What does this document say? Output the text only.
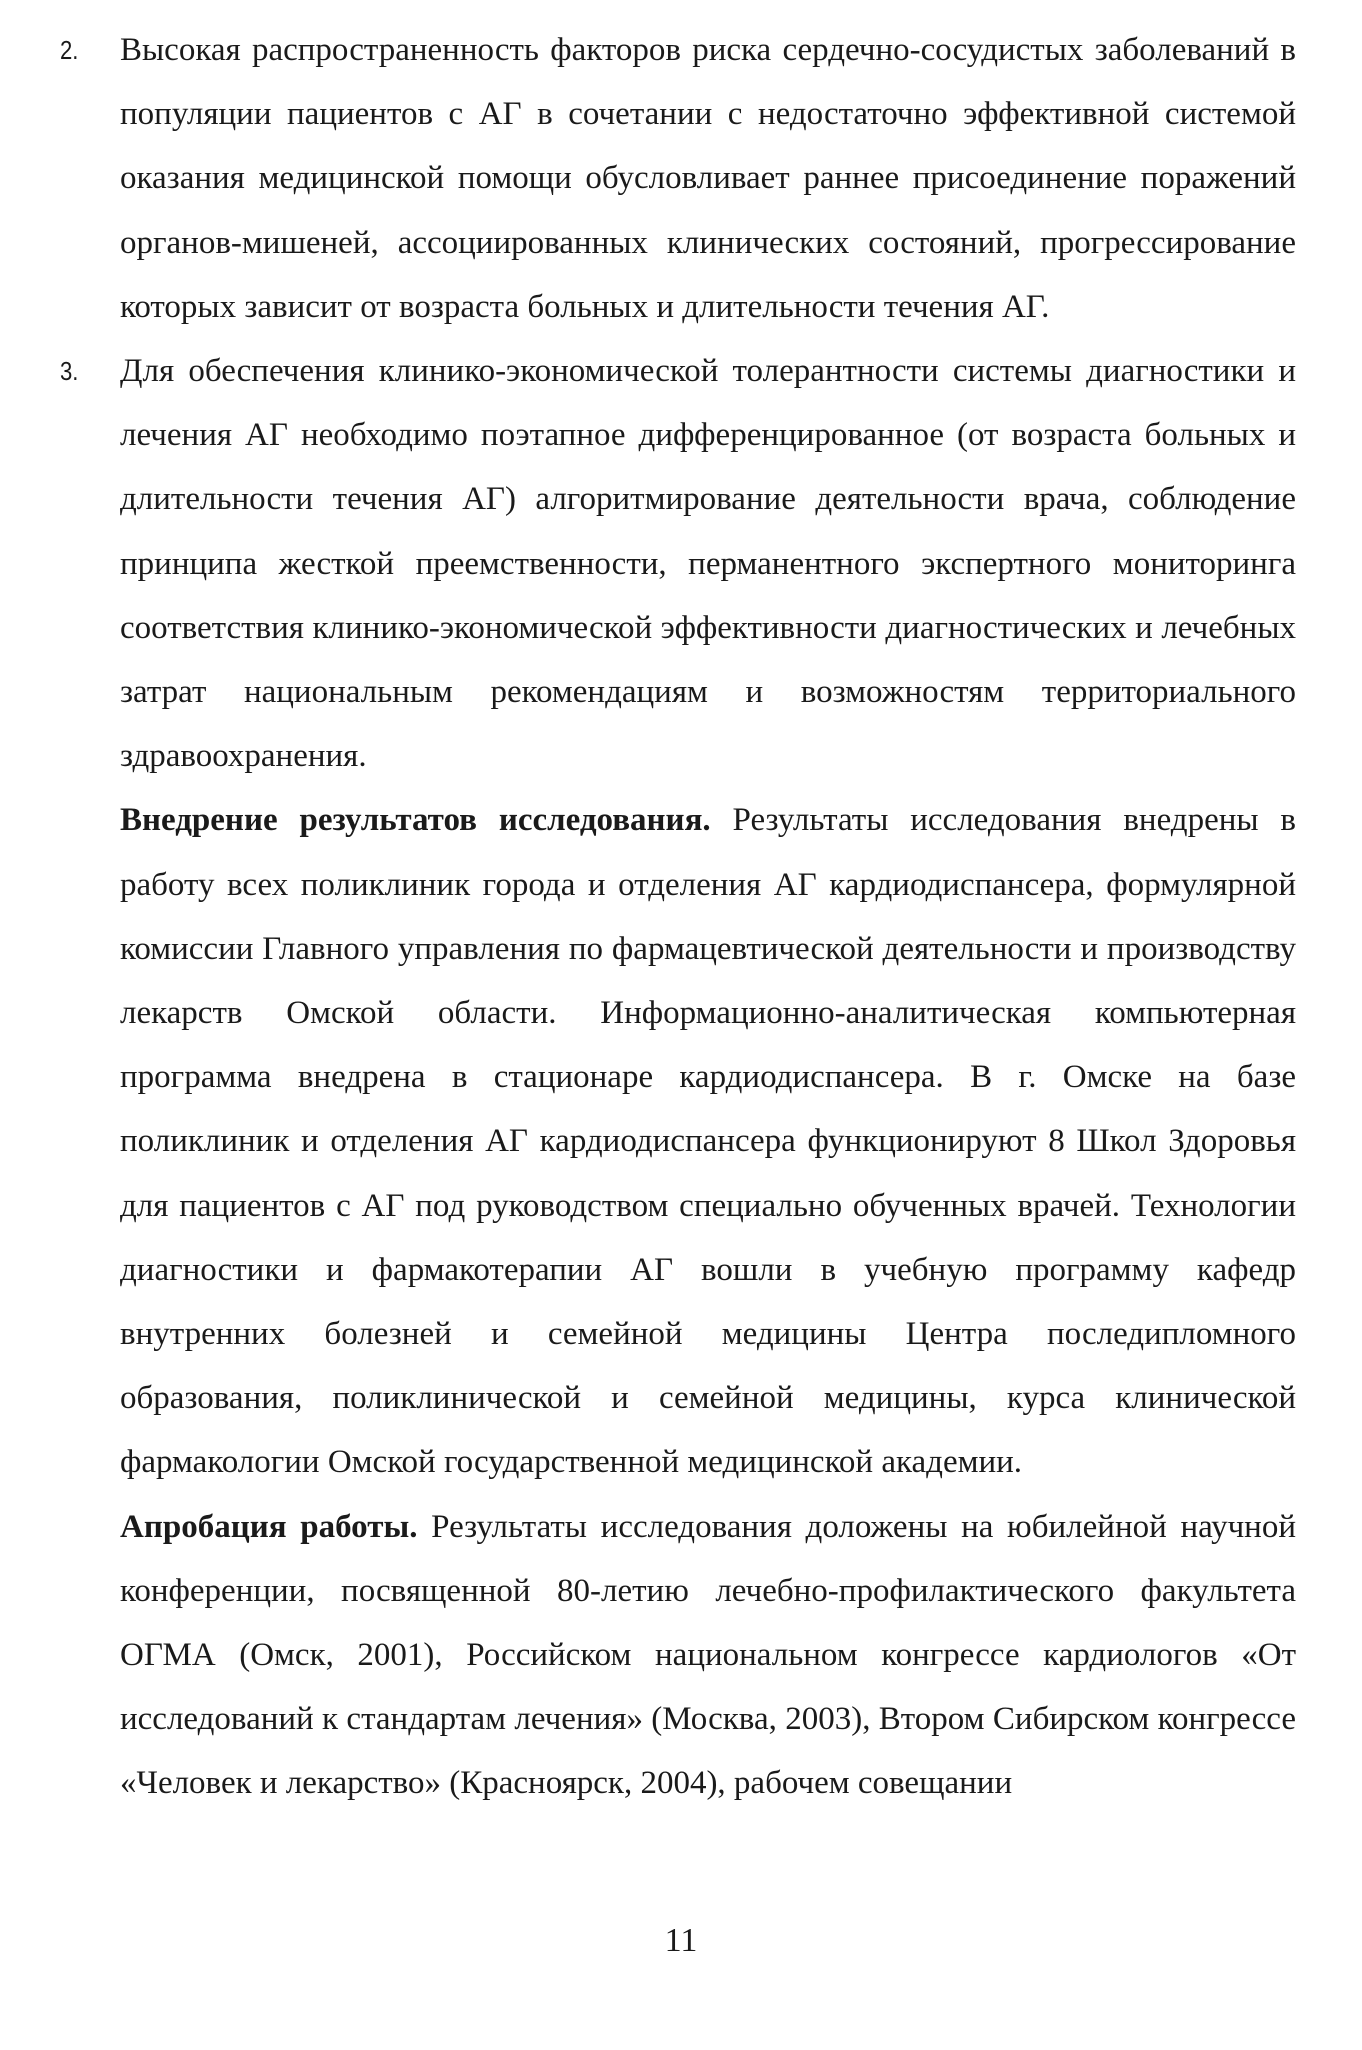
2. Высокая распространенность факторов риска сердечно-сосудистых заболеваний в популяции пациентов с АГ в сочетании с недостаточно эффективной системой оказания медицинской помощи обусловливает раннее присоединение поражений органов-мишеней, ассоциированных клинических состояний, прогрессирование которых зависит от возраста больных и длительности течения АГ.

3. Для обеспечения клинико-экономической толерантности системы диагностики и лечения АГ необходимо поэтапное дифференцированное (от возраста больных и длительности течения АГ) алгоритмирование деятельности врача, соблюдение принципа жесткой преемственности, перманентного экспертного мониторинга соответствия клинико-экономической эффективности диагностических и лечебных затрат национальным рекомендациям и возможностям территориального здравоохранения.

Внедрение результатов исследования. Результаты исследования внедрены в работу всех поликлиник города и отделения АГ кардиодиспансера, формулярной комиссии Главного управления по фармацевтической деятельности и производству лекарств Омской области. Информационно-аналитическая компьютерная программа внедрена в стационаре кардиодиспансера. В г. Омске на базе поликлиник и отделения АГ кардиодиспансера функционируют 8 Школ Здоровья для пациентов с АГ под руководством специально обученных врачей. Технологии диагностики и фармакотерапии АГ вошли в учебную программу кафедр внутренних болезней и семейной медицины Центра последипломного образования, поликлинической и семейной медицины, курса клинической фармакологии Омской государственной медицинской академии.

Апробация работы. Результаты исследования доложены на юбилейной научной конференции, посвященной 80-летию лечебно-профилактического факультета ОГМА (Омск, 2001), Российском национальном конгрессе кардиологов «От исследований к стандартам лечения» (Москва, 2003), Втором Сибирском конгрессе «Человек и лекарство» (Красноярск, 2004), рабочем совещании

11
